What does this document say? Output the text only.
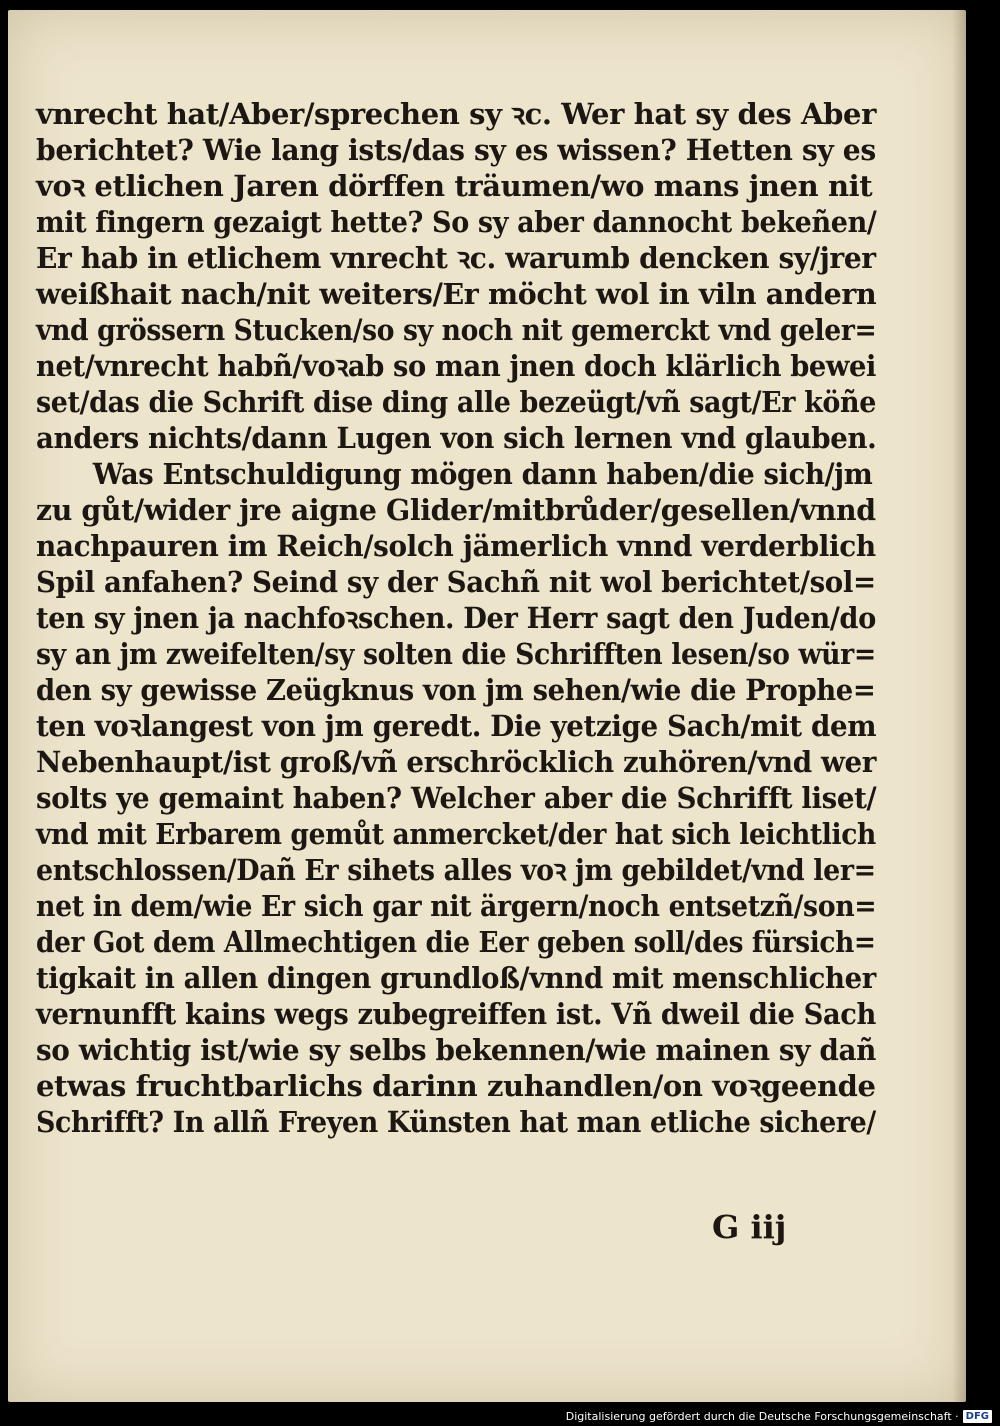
vnrecht hat/Aber/sprechen sy ꝛc. Wer hat sy des Aber
berichtet? Wie lang ists/das sy es wissen? Hetten sy es
voꝛ etlichen Jaren dörffen träumen/wo mans jnen nit
mit fingern gezaigt hette? So sy aber dannocht bekeñen/
Er hab in etlichem vnrecht ꝛc. warumb dencken sy/jrer
weißhait nach/nit weiters/Er möcht wol in viln andern
vnd grössern Stucken/so sy noch nit gemerckt vnd geler=
net/vnrecht habñ/voꝛab so man jnen doch klärlich bewei
set/das die Schrift dise ding alle bezeügt/vñ sagt/Er köñe
anders nichts/dann Lugen von sich lernen vnd glauben.
Was Entschuldigung mögen dann haben/die sich/jm
zu gůt/wider jre aigne Glider/mitbrůder/gesellen/vnnd
nachpauren im Reich/solch jämerlich vnnd verderblich
Spil anfahen? Seind sy der Sachñ nit wol berichtet/sol=
ten sy jnen ja nachfoꝛschen. Der Herr sagt den Juden/do
sy an jm zweifelten/sy solten die Schrifften lesen/so wür=
den sy gewisse Zeügknus von jm sehen/wie die Prophe=
ten voꝛlangest von jm geredt. Die yetzige Sach/mit dem
Nebenhaupt/ist groß/vñ erschröcklich zuhören/vnd wer
solts ye gemaint haben? Welcher aber die Schrifft liset/
vnd mit Erbarem gemůt anmercket/der hat sich leichtlich
entschlossen/Dañ Er sihets alles voꝛ jm gebildet/vnd ler=
net in dem/wie Er sich gar nit ärgern/noch entsetzñ/son=
der Got dem Allmechtigen die Eer geben soll/des fürsich=
tigkait in allen dingen grundloß/vnnd mit menschlicher
vernunfft kains wegs zubegreiffen ist. Vñ dweil die Sach
so wichtig ist/wie sy selbs bekennen/wie mainen sy dañ
etwas fruchtbarlichs darinn zuhandlen/on voꝛgeende
Schrifft? In allñ Freyen Künsten hat man etliche sichere/
G iij
Digitalisierung gefördert durch die Deutsche Forschungsgemeinschaft · DFG
